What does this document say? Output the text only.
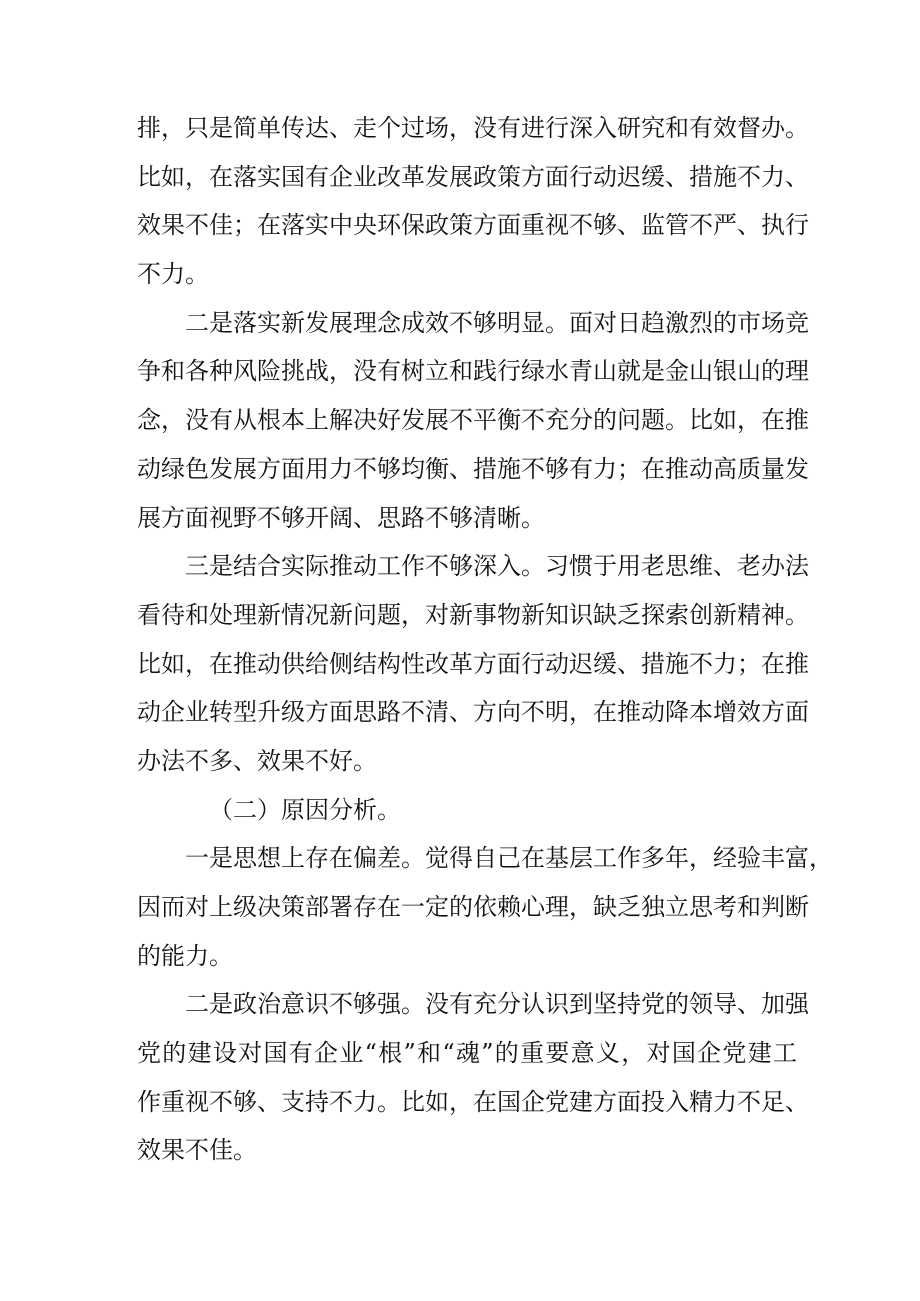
排，只是简单传达、走个过场，没有进行深入研究和有效督办。
比如，在落实国有企业改革发展政策方面行动迟缓、措施不力、
效果不佳；在落实中央环保政策方面重视不够、监管不严、执行
不力。
二是落实新发展理念成效不够明显。面对日趋激烈的市场竞
争和各种风险挑战，没有树立和践行绿水青山就是金山银山的理
念，没有从根本上解决好发展不平衡不充分的问题。比如，在推
动绿色发展方面用力不够均衡、措施不够有力；在推动高质量发
展方面视野不够开阔、思路不够清晰。
三是结合实际推动工作不够深入。习惯于用老思维、老办法
看待和处理新情况新问题，对新事物新知识缺乏探索创新精神。
比如，在推动供给侧结构性改革方面行动迟缓、措施不力；在推
动企业转型升级方面思路不清、方向不明，在推动降本增效方面
办法不多、效果不好。
（二）原因分析。
一是思想上存在偏差。觉得自己在基层工作多年，经验丰富，
因而对上级决策部署存在一定的依赖心理，缺乏独立思考和判断
的能力。
二是政治意识不够强。没有充分认识到坚持党的领导、加强
党的建设对国有企业“根”和“魂”的重要意义，对国企党建工
作重视不够、支持不力。比如，在国企党建方面投入精力不足、
效果不佳。
